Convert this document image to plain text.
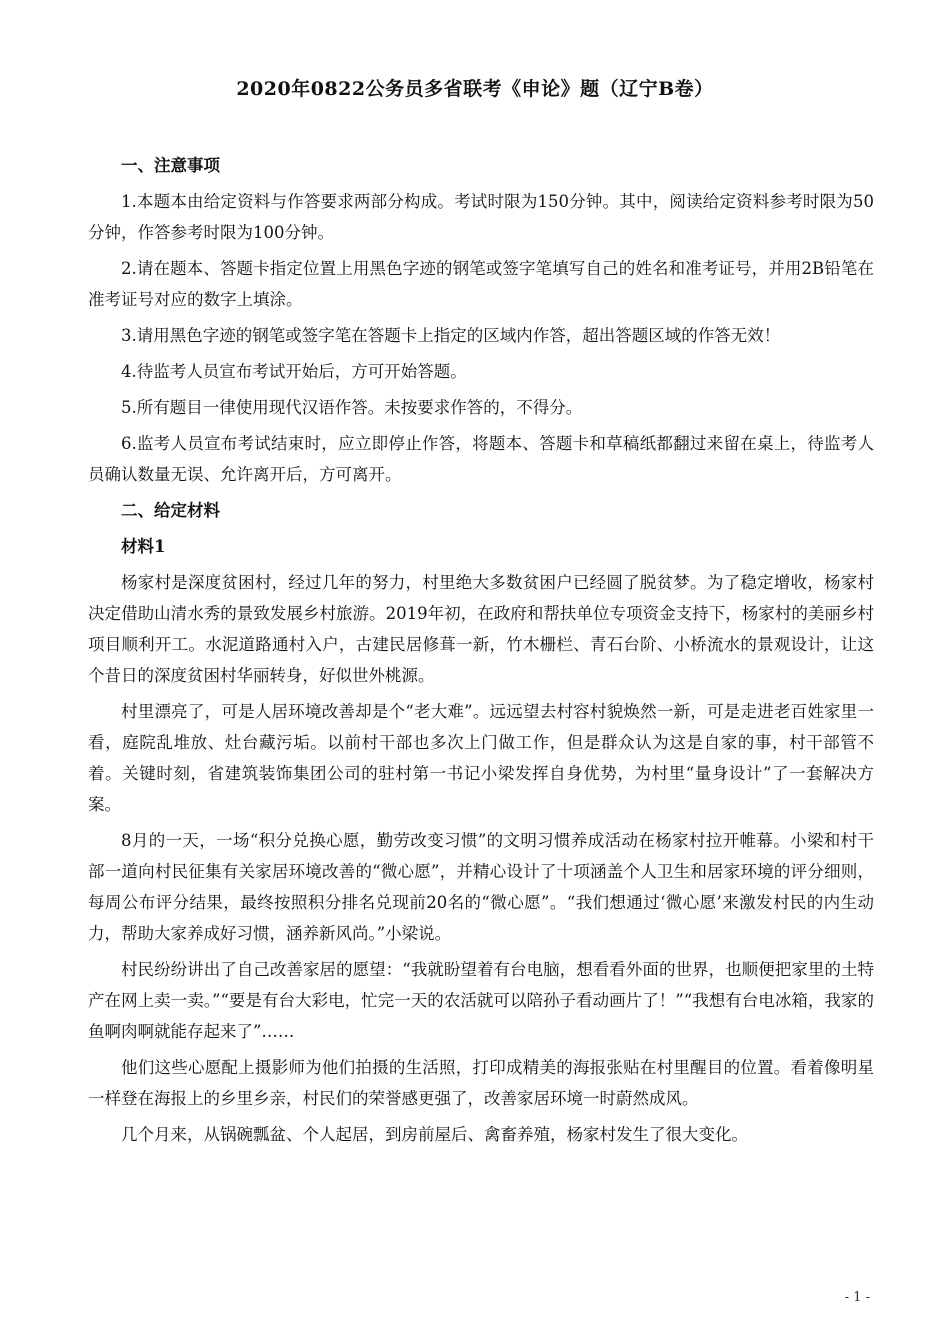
2020年0822公务员多省联考《申论》题（辽宁B卷）

一、注意事项

1.本题本由给定资料与作答要求两部分构成。考试时限为150分钟。其中，阅读给定资料参考时限为50分钟，作答参考时限为100分钟。

2.请在题本、答题卡指定位置上用黑色字迹的钢笔或签字笔填写自己的姓名和准考证号，并用2B铅笔在准考证号对应的数字上填涂。

3.请用黑色字迹的钢笔或签字笔在答题卡上指定的区域内作答，超出答题区域的作答无效！

4.待监考人员宣布考试开始后，方可开始答题。

5.所有题目一律使用现代汉语作答。未按要求作答的，不得分。

6.监考人员宣布考试结束时，应立即停止作答，将题本、答题卡和草稿纸都翻过来留在桌上，待监考人员确认数量无误、允许离开后，方可离开。

二、给定材料

材料1

杨家村是深度贫困村，经过几年的努力，村里绝大多数贫困户已经圆了脱贫梦。为了稳定增收，杨家村决定借助山清水秀的景致发展乡村旅游。2019年初，在政府和帮扶单位专项资金支持下，杨家村的美丽乡村项目顺利开工。水泥道路通村入户，古建民居修葺一新，竹木栅栏、青石台阶、小桥流水的景观设计，让这个昔日的深度贫困村华丽转身，好似世外桃源。

村里漂亮了，可是人居环境改善却是个“老大难”。远远望去村容村貌焕然一新，可是走进老百姓家里一看，庭院乱堆放、灶台藏污垢。以前村干部也多次上门做工作，但是群众认为这是自家的事，村干部管不着。关键时刻，省建筑装饰集团公司的驻村第一书记小梁发挥自身优势，为村里“量身设计”了一套解决方案。

8月的一天，一场“积分兑换心愿，勤劳改变习惯”的文明习惯养成活动在杨家村拉开帷幕。小梁和村干部一道向村民征集有关家居环境改善的“微心愿”，并精心设计了十项涵盖个人卫生和居家环境的评分细则，每周公布评分结果，最终按照积分排名兑现前20名的“微心愿”。“我们想通过‘微心愿’来激发村民的内生动力，帮助大家养成好习惯，涵养新风尚。”小梁说。

村民纷纷讲出了自己改善家居的愿望：“我就盼望着有台电脑，想看看外面的世界，也顺便把家里的土特产在网上卖一卖。”“要是有台大彩电，忙完一天的农活就可以陪孙子看动画片了！”“我想有台电冰箱，我家的鱼啊肉啊就能存起来了”……

他们这些心愿配上摄影师为他们拍摄的生活照，打印成精美的海报张贴在村里醒目的位置。看着像明星一样登在海报上的乡里乡亲，村民们的荣誉感更强了，改善家居环境一时蔚然成风。

几个月来，从锅碗瓢盆、个人起居，到房前屋后、禽畜养殖，杨家村发生了很大变化。

- 1 -
